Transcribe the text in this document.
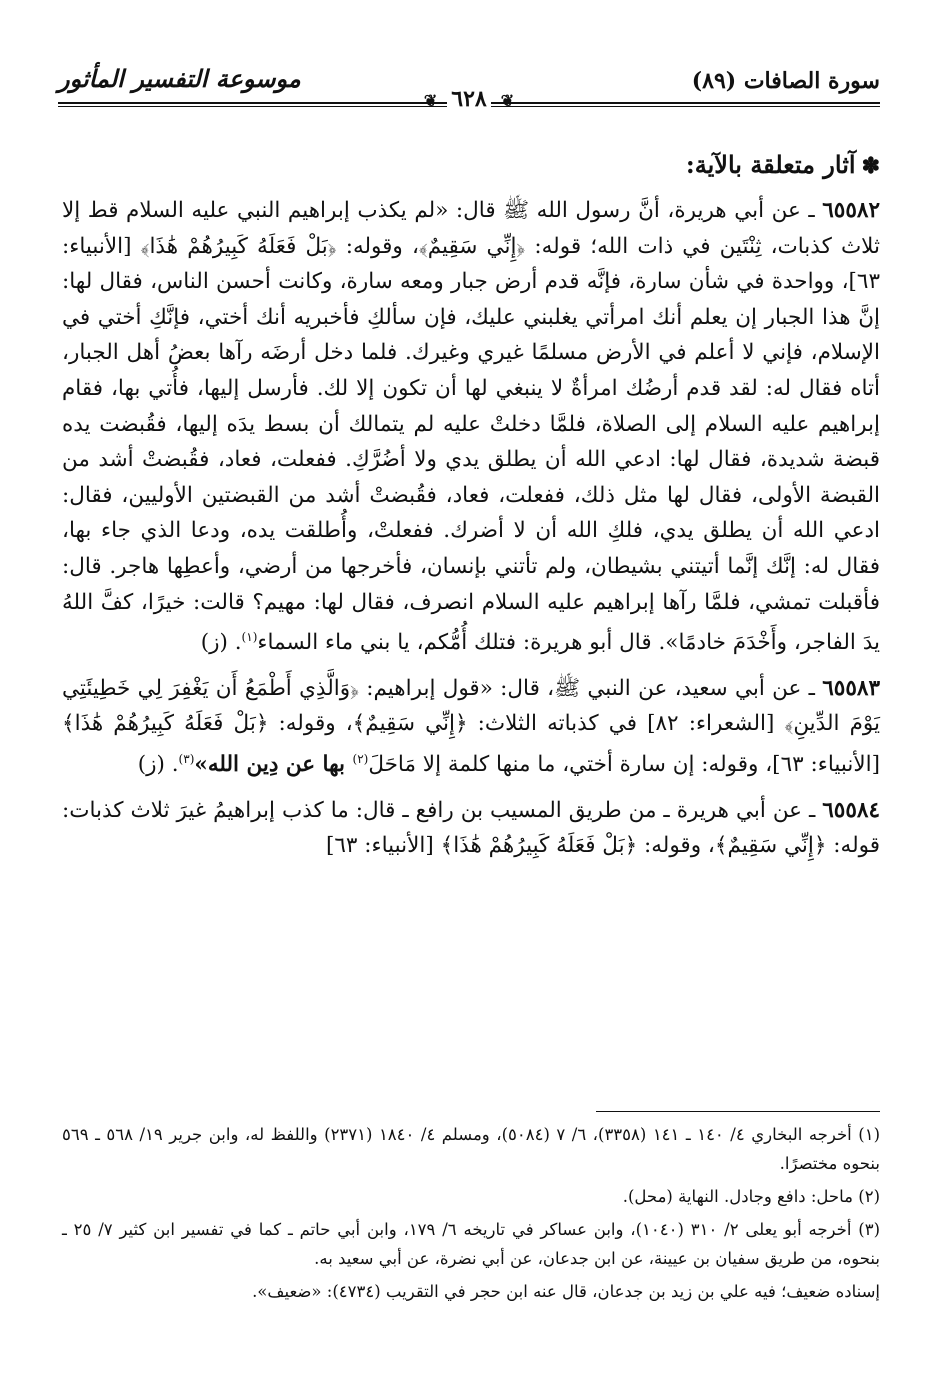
سورة الصافات (٨٩)
موسوعة التفسير المأثور
❦ ٦٢٨ ❦
✽آثار متعلقة بالآية:

٦٥٥٨٢ ـ عن أبي هريرة، أنَّ رسول الله ﷺ قال: «لم يكذب إبراهيم النبي عليه السلام قط إلا ثلاث كذبات، ثِنْتَين في ذات الله؛ قوله: ﴿إِنِّي سَقِيمٌ﴾، وقوله: ﴿بَلْ فَعَلَهُ كَبِيرُهُمْ هَٰذَا﴾ [الأنبياء: ٦٣]، وواحدة في شأن سارة، فإنَّه قدم أرض جبار ومعه سارة، وكانت أحسن الناس، فقال لها: إنَّ هذا الجبار إن يعلم أنك امرأتي يغلبني عليك، فإن سألكِ فأخبريه أنك أختي، فإنَّكِ أختي في الإسلام، فإني لا أعلم في الأرض مسلمًا غيري وغيرك. فلما دخل أرضَه رآها بعضُ أهل الجبار، أتاه فقال له: لقد قدم أرضُك امرأةٌ لا ينبغي لها أن تكون إلا لك. فأرسل إليها، فأُتي بها، فقام إبراهيم عليه السلام إلى الصلاة، فلمَّا دخلتْ عليه لم يتمالك أن بسط يدَه إليها، فقُبضت يده قبضة شديدة، فقال لها: ادعي الله أن يطلق يدي ولا أضُرَّكِ. ففعلت، فعاد، فقُبضتْ أشد من القبضة الأولى، فقال لها مثل ذلك، ففعلت، فعاد، فقُبضتْ أشد من القبضتين الأوليين، فقال: ادعي الله أن يطلق يدي، فلكِ الله أن لا أضرك. ففعلتْ، وأُطلقت يده، ودعا الذي جاء بها، فقال له: إنَّك إنَّما أتيتني بشيطان، ولم تأتني بإنسان، فأخرجها من أرضي، وأعطِها هاجر. قال: فأقبلت تمشي، فلمَّا رآها إبراهيم عليه السلام انصرف، فقال لها: مهيم؟ قالت: خيرًا، كفَّ اللهُ يدَ الفاجر، وأَخْدَمَ خادمًا». قال أبو هريرة: فتلك أُمُّكم، يا بني ماء السماء$^{(١)}$. (ز)

٦٥٥٨٣ ـ عن أبي سعيد، عن النبي ﷺ، قال: «قول إبراهيم: ﴿وَالَّذِي أَطْمَعُ أَن يَغْفِرَ لِي خَطِيئَتِي يَوْمَ الدِّينِ﴾ [الشعراء: ٨٢] في كذباته الثلاث: ﴿إِنِّي سَقِيمٌ﴾، وقوله: ﴿بَلْ فَعَلَهُ كَبِيرُهُمْ هَٰذَا﴾ [الأنبياء: ٦٣]، وقوله: إن سارة أختي، ما منها كلمة إلا مَاحَلَ$^{(٢)}$ بها عن دِين الله»$^{(٣)}$. (ز)

٦٥٥٨٤ ـ عن أبي هريرة ـ من طريق المسيب بن رافع ـ قال: ما كذب إبراهيمُ غيرَ ثلاث كذبات: قوله: ﴿إِنِّي سَقِيمٌ﴾، وقوله: ﴿بَلْ فَعَلَهُ كَبِيرُهُمْ هَٰذَا﴾ [الأنبياء: ٦٣]

(١) أخرجه البخاري ٤/ ١٤٠ ـ ١٤١ (٣٣٥٨)، ٦/ ٧ (٥٠٨٤)، ومسلم ٤/ ١٨٤٠ (٢٣٧١) واللفظ له، وابن جرير ١٩/ ٥٦٨ ـ ٥٦٩ بنحوه مختصرًا.
(٢) ماحل: دافع وجادل. النهاية (محل).
(٣) أخرجه أبو يعلى ٢/ ٣١٠ (١٠٤٠)، وابن عساكر في تاريخه ٦/ ١٧٩، وابن أبي حاتم ـ كما في تفسير ابن كثير ٧/ ٢٥ ـ بنحوه، من طريق سفيان بن عيينة، عن ابن جدعان، عن أبي نضرة، عن أبي سعيد به.
إسناده ضعيف؛ فيه علي بن زيد بن جدعان، قال عنه ابن حجر في التقريب (٤٧٣٤): «ضعيف».
